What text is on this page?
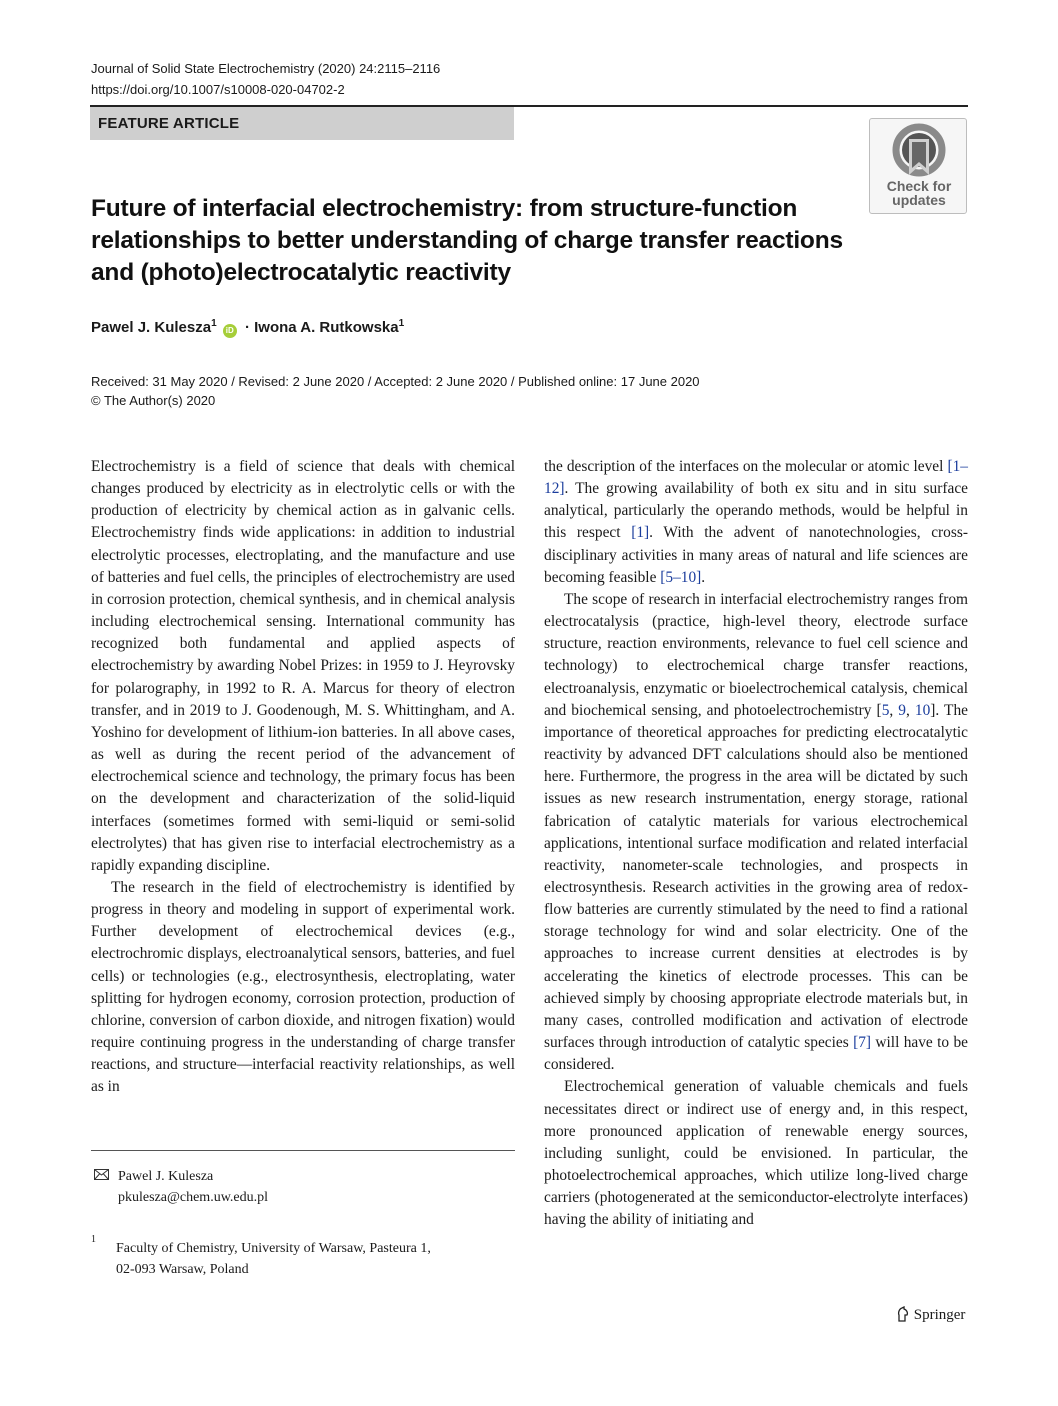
Journal of Solid State Electrochemistry (2020) 24:2115–2116
https://doi.org/10.1007/s10008-020-04702-2
FEATURE ARTICLE
Check for
updates
Future of interfacial electrochemistry: from structure-function relationships to better understanding of charge transfer reactions and (photo)electrocatalytic reactivity
Pawel J. Kulesza$^1$ iD · Iwona A. Rutkowska$^1$
Received: 31 May 2020 / Revised: 2 June 2020 / Accepted: 2 June 2020 / Published online: 17 June 2020
© The Author(s) 2020

Electrochemistry is a field of science that deals with chemical changes produced by electricity as in electrolytic cells or with the production of electricity by chemical action as in galvanic cells. Electrochemistry finds wide applications: in addition to industrial electrolytic processes, electroplating, and the manufacture and use of batteries and fuel cells, the principles of electrochemistry are used in corrosion protection, chemical synthesis, and in chemical analysis including electrochemical sensing. International community has recognized both fundamental and applied aspects of electrochemistry by awarding Nobel Prizes: in 1959 to J. Heyrovsky for polarography, in 1992 to R. A. Marcus for theory of electron transfer, and in 2019 to J. Goodenough, M. S. Whittingham, and A. Yoshino for development of lithium-ion batteries. In all above cases, as well as during the recent period of the advancement of electrochemical science and technology, the primary focus has been on the development and characterization of the solid-liquid interfaces (sometimes formed with semi-liquid or semi-solid electrolytes) that has given rise to interfacial electrochemistry as a rapidly expanding discipline.

The research in the field of electrochemistry is identified by progress in theory and modeling in support of experimental work. Further development of electrochemical devices (e.g., electrochromic displays, electroanalytical sensors, batteries, and fuel cells) or technologies (e.g., electrosynthesis, electroplating, water splitting for hydrogen economy, corrosion protection, production of chlorine, conversion of carbon dioxide, and nitrogen fixation) would require continuing progress in the understanding of charge transfer reactions, and structure—interfacial reactivity relationships, as well as in

the description of the interfaces on the molecular or atomic level [1–12]. The growing availability of both ex situ and in situ surface analytical, particularly the operando methods, would be helpful in this respect [1]. With the advent of nanotechnologies, cross-disciplinary activities in many areas of natural and life sciences are becoming feasible [5–10].

The scope of research in interfacial electrochemistry ranges from electrocatalysis (practice, high-level theory, electrode surface structure, reaction environments, relevance to fuel cell science and technology) to electrochemical charge transfer reactions, electroanalysis, enzymatic or bioelectrochemical catalysis, chemical and biochemical sensing, and photoelectrochemistry [5, 9, 10]. The importance of theoretical approaches for predicting electrocatalytic reactivity by advanced DFT calculations should also be mentioned here. Furthermore, the progress in the area will be dictated by such issues as new research instrumentation, energy storage, rational fabrication of catalytic materials for various electrochemical applications, intentional surface modification and related interfacial reactivity, nanometer-scale technologies, and prospects in electrosynthesis. Research activities in the growing area of redox-flow batteries are currently stimulated by the need to find a rational storage technology for wind and solar electricity. One of the approaches to increase current densities at electrodes is by accelerating the kinetics of electrode processes. This can be achieved simply by choosing appropriate electrode materials but, in many cases, controlled modification and activation of electrode surfaces through introduction of catalytic species [7] will have to be considered.

Electrochemical generation of valuable chemicals and fuels necessitates direct or indirect use of energy and, in this respect, more pronounced application of renewable energy sources, including sunlight, could be envisioned. In particular, the photoelectrochemical approaches, which utilize long-lived charge carriers (photogenerated at the semiconductor-electrolyte interfaces) having the ability of initiating and

Pawel J. Kulesza
pkulesza@chem.uw.edu.pl
1
Faculty of Chemistry, University of Warsaw, Pasteura 1,
02-093 Warsaw, Poland
Springer
